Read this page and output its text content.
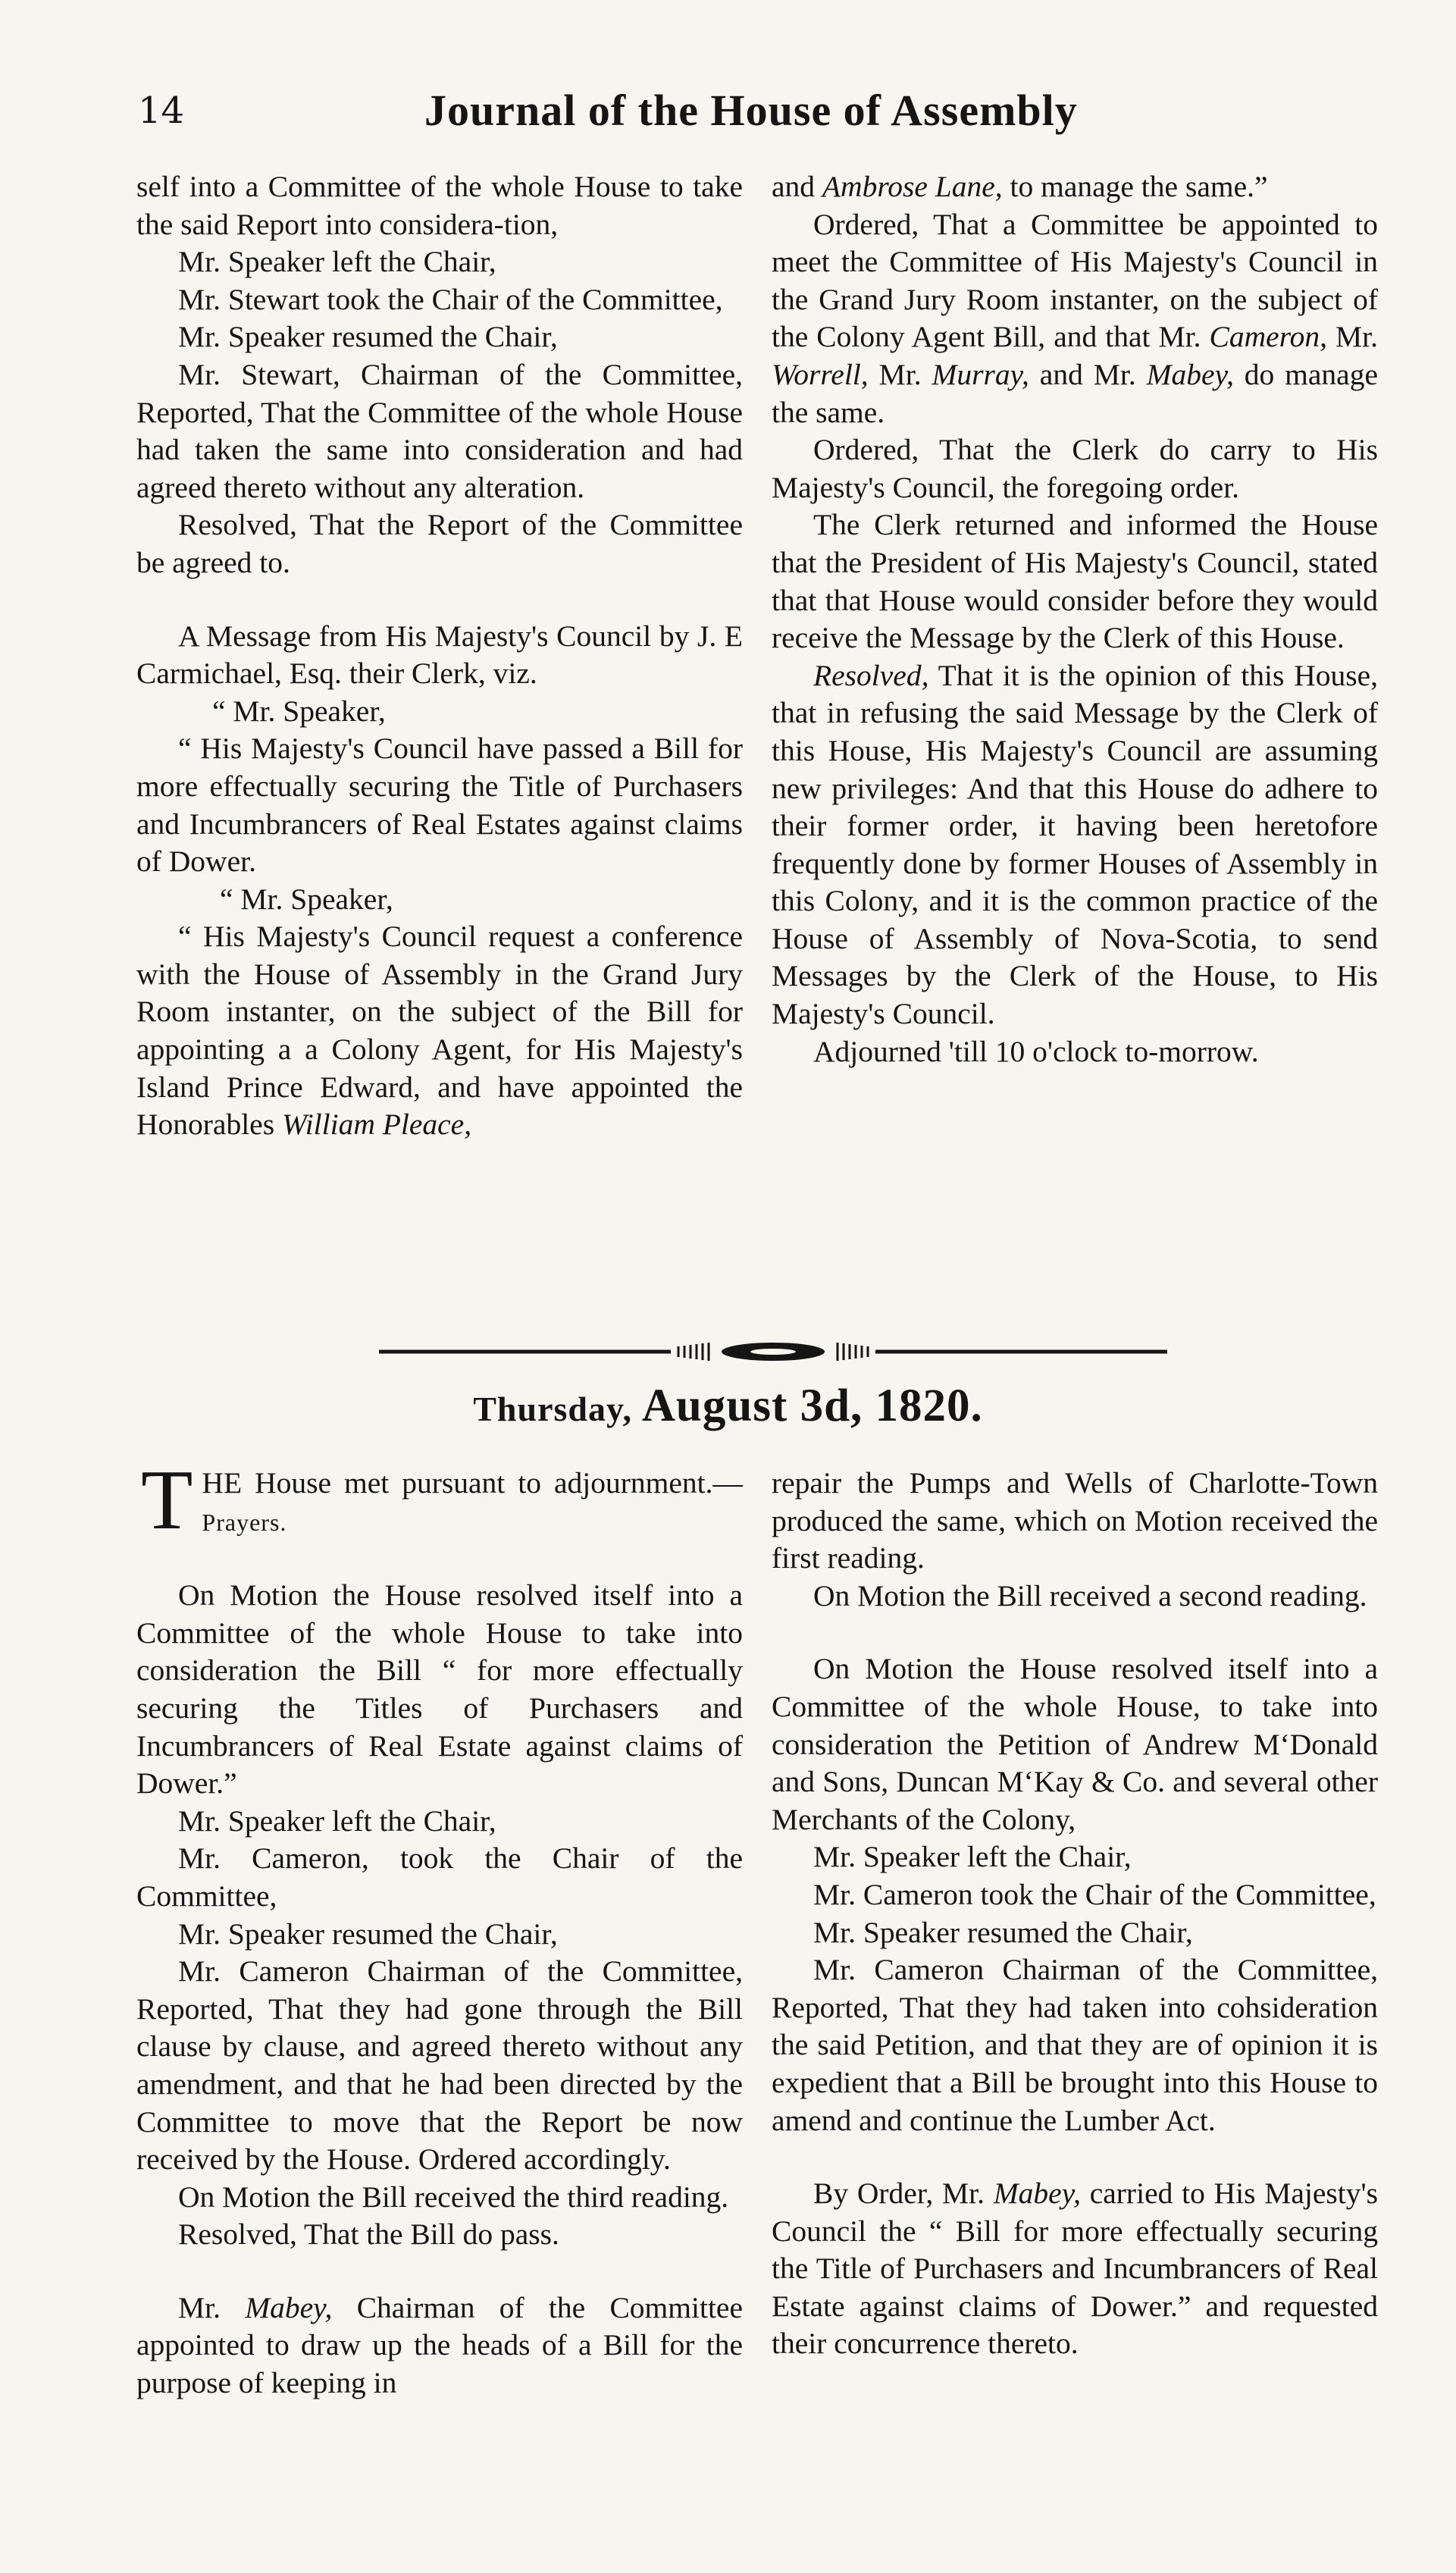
14	Journal of the House of Assembly

self into a Committee of the whole House to take the said Report into considera-tion,

Mr. Speaker left the Chair,

Mr. Stewart took the Chair of the Committee,

Mr. Speaker resumed the Chair,

Mr. Stewart, Chairman of the Committee, Reported, That the Committee of the whole House had taken the same into consideration and had agreed thereto without any alteration.

Resolved, That the Report of the Committee be agreed to.

A Message from His Majesty's Council by J. E Carmichael, Esq. their Clerk, viz.

“ Mr. Speaker,

“ His Majesty's Council have passed a Bill for more effectually securing the Title of Purchasers and Incumbrancers of Real Estates against claims of Dower.

“ Mr. Speaker,

“ His Majesty's Council request a conference with the House of Assembly in the Grand Jury Room instanter, on the subject of the Bill for appointing a a Colony Agent, for His Majesty's Island Prince Edward, and have appointed the Honorables William Pleace,

and Ambrose Lane, to manage the same.”

Ordered, That a Committee be appointed to meet the Committee of His Majesty's Council in the Grand Jury Room instanter, on the subject of the Colony Agent Bill, and that Mr. Cameron, Mr. Worrell, Mr. Murray, and Mr. Mabey, do manage the same.

Ordered, That the Clerk do carry to His Majesty's Council, the foregoing order.

The Clerk returned and informed the House that the President of His Majesty's Council, stated that that House would consider before they would receive the Message by the Clerk of this House.

Resolved, That it is the opinion of this House, that in refusing the said Message by the Clerk of this House, His Majesty's Council are assuming new privileges: And that this House do adhere to their former order, it having been heretofore frequently done by former Houses of Assembly in this Colony, and it is the common practice of the House of Assembly of Nova-Scotia, to send Messages by the Clerk of the House, to His Majesty's Council.

Adjourned 'till 10 o'clock to-morrow.

Thursday, August 3d, 1820.

THE House met pursuant to adjournment.—Prayers.

On Motion the House resolved itself into a Committee of the whole House to take into consideration the Bill “ for more effectually securing the Titles of Purchasers and Incumbrancers of Real Estate against claims of Dower.”

Mr. Speaker left the Chair,

Mr. Cameron, took the Chair of the Committee,

Mr. Speaker resumed the Chair,

Mr. Cameron Chairman of the Committee, Reported, That they had gone through the Bill clause by clause, and agreed thereto without any amendment, and that he had been directed by the Committee to move that the Report be now received by the House. Ordered accordingly.

On Motion the Bill received the third reading.

Resolved, That the Bill do pass.

Mr. Mabey, Chairman of the Committee appointed to draw up the heads of a Bill for the purpose of keeping in

repair the Pumps and Wells of Charlotte-Town produced the same, which on Motion received the first reading.

On Motion the Bill received a second reading.

On Motion the House resolved itself into a Committee of the whole House, to take into consideration the Petition of Andrew M‘Donald and Sons, Duncan M‘Kay & Co. and several other Merchants of the Colony,

Mr. Speaker left the Chair,

Mr. Cameron took the Chair of the Committee,

Mr. Speaker resumed the Chair,

Mr. Cameron Chairman of the Committee, Reported, That they had taken into cohsideration the said Petition, and that they are of opinion it is expedient that a Bill be brought into this House to amend and continue the Lumber Act.

By Order, Mr. Mabey, carried to His Majesty's Council the “ Bill for more effectually securing the Title of Purchasers and Incumbrancers of Real Estate against claims of Dower.” and requested their concurrence thereto.
